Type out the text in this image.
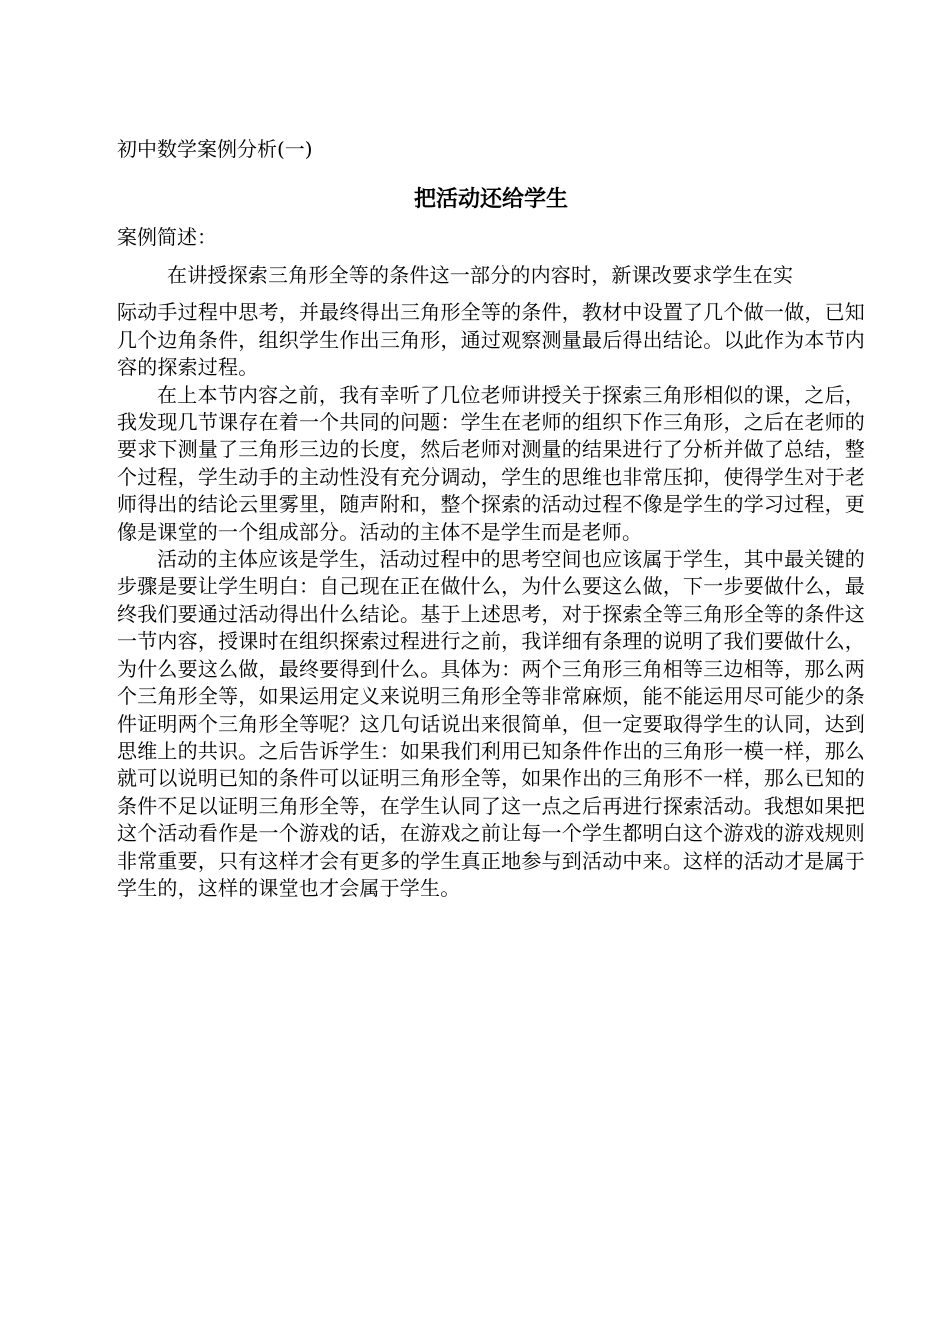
初中数学案例分析(一)

把活动还给学生

案例简述：

在讲授探索三角形全等的条件这一部分的内容时，新课改要求学生在实
际动手过程中思考，并最终得出三角形全等的条件，教材中设置了几个做一做，已知几个边角条件，组织学生作出三角形，通过观察测量最后得出结论。以此作为本节内容的探索过程。

在上本节内容之前，我有幸听了几位老师讲授关于探索三角形相似的课，之后，我发现几节课存在着一个共同的问题：学生在老师的组织下作三角形，之后在老师的要求下测量了三角形三边的长度，然后老师对测量的结果进行了分析并做了总结，整个过程，学生动手的主动性没有充分调动，学生的思维也非常压抑，使得学生对于老师得出的结论云里雾里，随声附和，整个探索的活动过程不像是学生的学习过程，更像是课堂的一个组成部分。活动的主体不是学生而是老师。

活动的主体应该是学生，活动过程中的思考空间也应该属于学生，其中最关键的步骤是要让学生明白：自己现在正在做什么，为什么要这么做，下一步要做什么，最终我们要通过活动得出什么结论。基于上述思考，对于探索全等三角形全等的条件这一节内容，授课时在组织探索过程进行之前，我详细有条理的说明了我们要做什么，为什么要这么做，最终要得到什么。具体为：两个三角形三角相等三边相等，那么两个三角形全等，如果运用定义来说明三角形全等非常麻烦，能不能运用尽可能少的条件证明两个三角形全等呢？这几句话说出来很简单，但一定要取得学生的认同，达到思维上的共识。之后告诉学生：如果我们利用已知条件作出的三角形一模一样，那么就可以说明已知的条件可以证明三角形全等，如果作出的三角形不一样，那么已知的条件不足以证明三角形全等，在学生认同了这一点之后再进行探索活动。我想如果把这个活动看作是一个游戏的话，在游戏之前让每一个学生都明白这个游戏的游戏规则非常重要，只有这样才会有更多的学生真正地参与到活动中来。这样的活动才是属于学生的，这样的课堂也才会属于学生。
